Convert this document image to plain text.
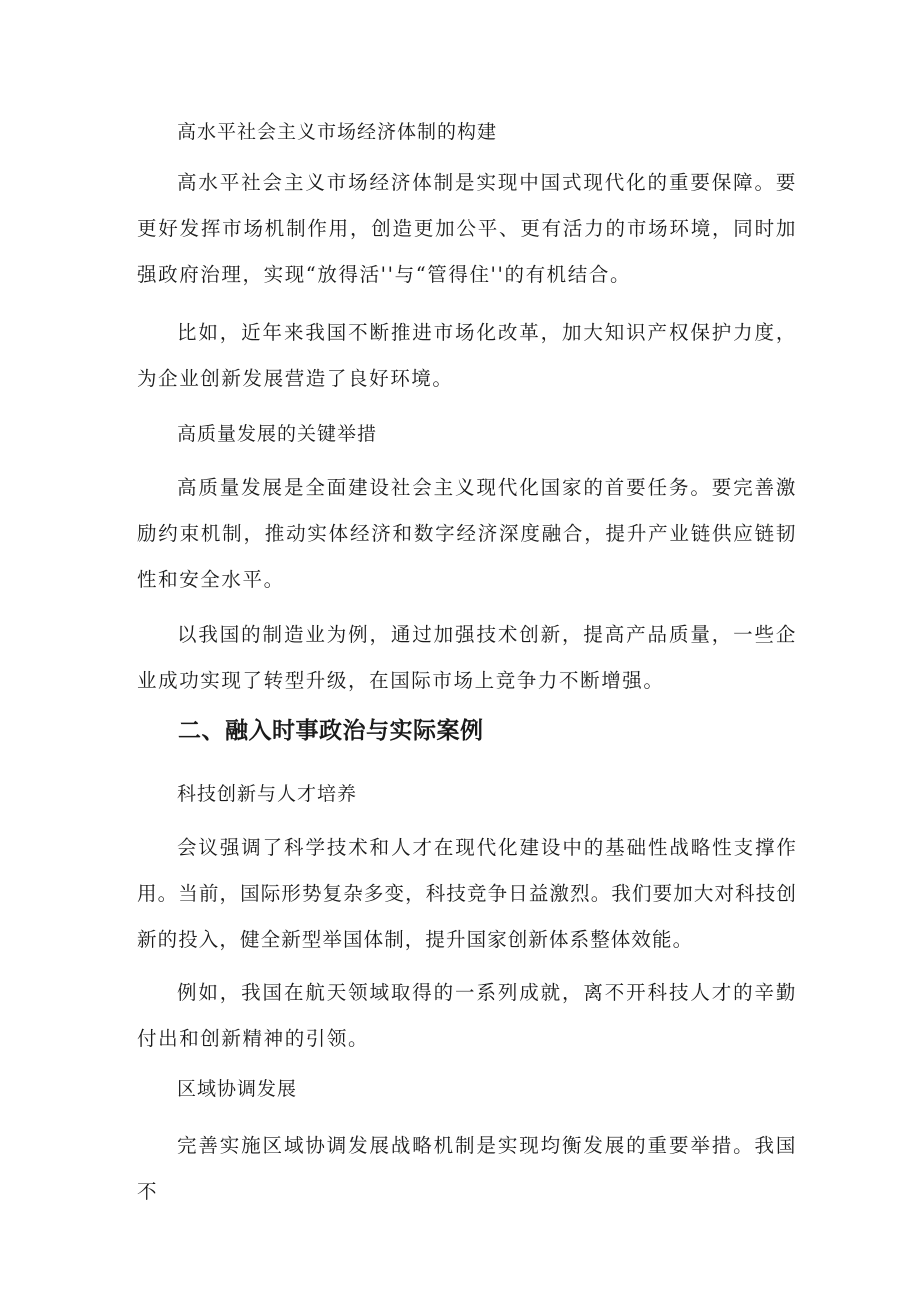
高水平社会主义市场经济体制的构建

高水平社会主义市场经济体制是实现中国式现代化的重要保障。要更好发挥市场机制作用，创造更加公平、更有活力的市场环境，同时加强政府治理，实现“放得活''与“管得住''的有机结合。

比如，近年来我国不断推进市场化改革，加大知识产权保护力度，为企业创新发展营造了良好环境。

高质量发展的关键举措

高质量发展是全面建设社会主义现代化国家的首要任务。要完善激励约束机制，推动实体经济和数字经济深度融合，提升产业链供应链韧性和安全水平。

以我国的制造业为例，通过加强技术创新，提高产品质量，一些企业成功实现了转型升级，在国际市场上竞争力不断增强。

二、融入时事政治与实际案例

科技创新与人才培养

会议强调了科学技术和人才在现代化建设中的基础性战略性支撑作用。当前，国际形势复杂多变，科技竞争日益激烈。我们要加大对科技创新的投入，健全新型举国体制，提升国家创新体系整体效能。

例如，我国在航天领域取得的一系列成就，离不开科技人才的辛勤付出和创新精神的引领。

区域协调发展

完善实施区域协调发展战略机制是实现均衡发展的重要举措。我国不
